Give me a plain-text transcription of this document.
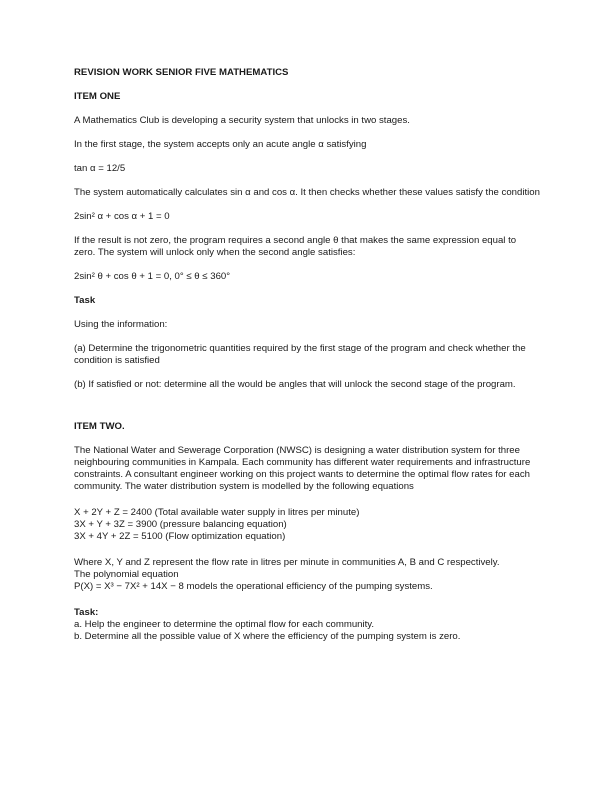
REVISION WORK SENIOR FIVE MATHEMATICS

ITEM ONE

A Mathematics Club is developing a security system that unlocks in two stages.

In the first stage, the system accepts only an acute angle α satisfying

tan α = 12/5

The system automatically calculates sin α and cos α. It then checks whether these values satisfy the condition

2sin² α + cos α + 1 = 0

If the result is not zero, the program requires a second angle θ that makes the same expression equal to zero. The system will unlock only when the second angle satisfies:

2sin² θ + cos θ + 1 = 0, 0° ≤ θ ≤ 360°

Task

Using the information:

(a) Determine the trigonometric quantities required by the first stage of the program and check whether the condition is satisfied

(b) If satisfied or not: determine all the would be angles that will unlock the second stage of the program.

ITEM TWO.

The National Water and Sewerage Corporation (NWSC) is designing a water distribution system for three neighbouring communities in Kampala. Each community has different water requirements and infrastructure constraints. A consultant engineer working on this project wants to determine the optimal flow rates for each community. The water distribution system is modelled by the following equations

X + 2Y + Z = 2400 (Total available water supply in litres per minute)

3X + Y + 3Z = 3900 (pressure balancing equation)

3X + 4Y + 2Z = 5100 (Flow optimization equation)

Where X, Y and Z represent the flow rate in litres per minute in communities A, B and C respectively.

The polynomial equation

P(X) = X³ − 7X² + 14X − 8 models the operational efficiency of the pumping systems.

Task:

a. Help the engineer to determine the optimal flow for each community.

b. Determine all the possible value of X where the efficiency of the pumping system is zero.
